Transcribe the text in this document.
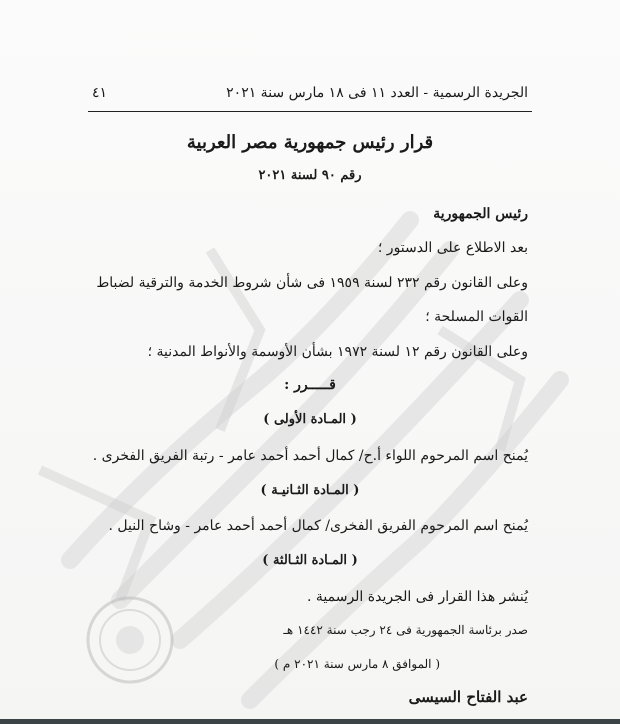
الجريدة الرسمية - العدد ١١ فى ١٨ مارس سنة ٢٠٢١
٤١
قرار رئيس جمهورية مصر العربية
رقم ٩٠ لسنة ٢٠٢١
رئيس الجمهورية
بعد الاطلاع على الدستور ؛
وعلى القانون رقم ٢٣٢ لسنة ١٩٥٩ فى شأن شروط الخدمة والترقية لضباط
القوات المسلحة ؛
وعلى القانون رقم ١٢ لسنة ١٩٧٢ بشأن الأوسمة والأنواط المدنية ؛
قـــــرر :
( المـادة الأولى )
يُمنح اسم المرحوم اللواء أ.ح/ كمال أحمد أحمد عامر - رتبة الفريق الفخرى .
( المـادة الثـانيـة )
يُمنح اسم المرحوم الفريق الفخرى/ كمال أحمد أحمد عامر - وشاح النيل .
( المـادة الثـالثة )
يُنشر هذا القرار فى الجريدة الرسمية .
صدر برئاسة الجمهورية فى ٢٤ رجب سنة ١٤٤٢ هـ
( الموافق ٨ مارس سنة ٢٠٢١ م )
عبد الفتاح السيسى
